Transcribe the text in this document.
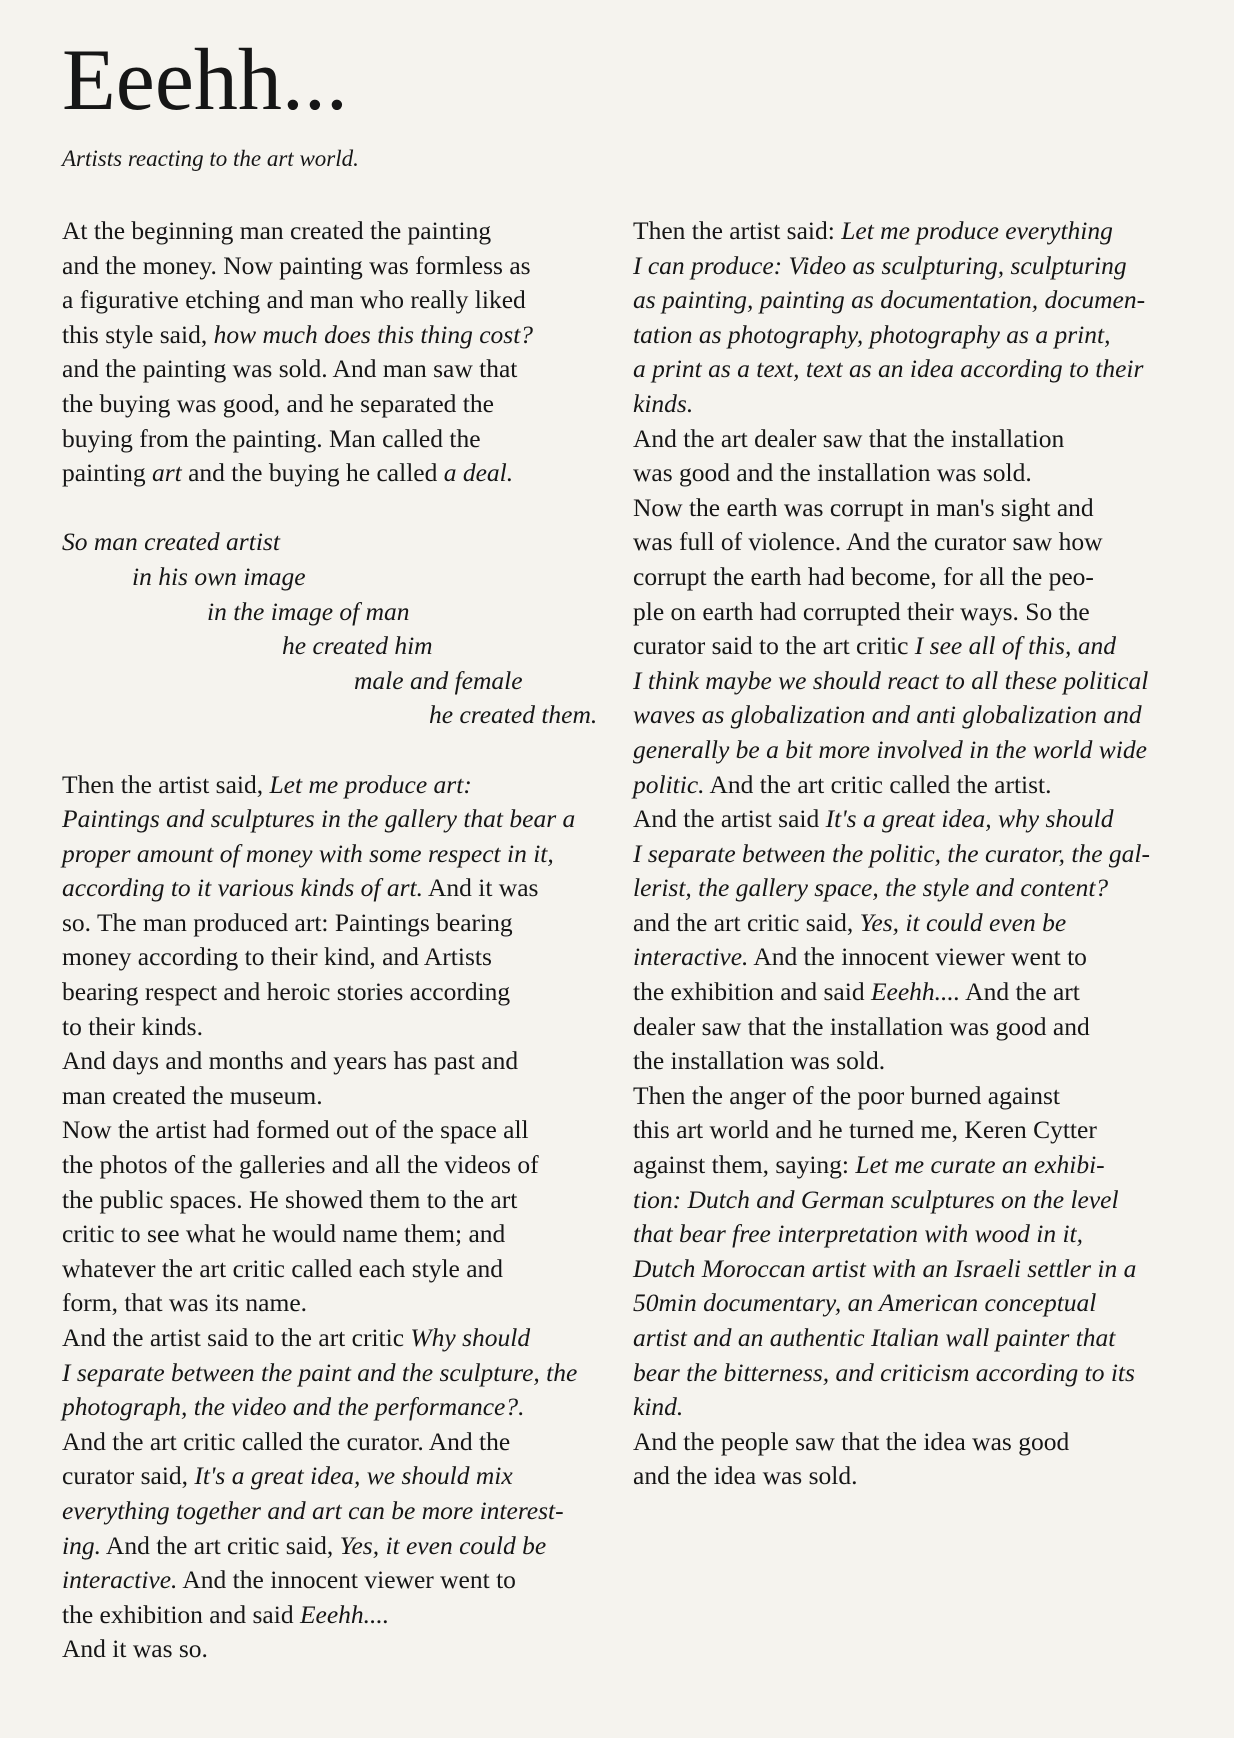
Eeehh...

Artists reacting to the art world.

At the beginning man created the painting
and the money. Now painting was formless as
a figurative etching and man who really liked
this style said, how much does this thing cost?
and the painting was sold. And man saw that
the buying was good, and he separated the
buying from the painting. Man called the
painting art and the buying he called a deal.

So man created artist
in his own image
in the image of man
he created him
male and female
he created them.

Then the artist said, Let me produce art:
Paintings and sculptures in the gallery that bear a
proper amount of money with some respect in it,
according to it various kinds of art. And it was
so. The man produced art: Paintings bearing
money according to their kind, and Artists
bearing respect and heroic stories according
to their kinds.

And days and months and years has past and
man created the museum.

Now the artist had formed out of the space all
the photos of the galleries and all the videos of
the public spaces. He showed them to the art
critic to see what he would name them; and
whatever the art critic called each style and
form, that was its name.

And the artist said to the art critic Why should
I separate between the paint and the sculpture, the
photograph, the video and the performance?.

And the art critic called the curator. And the
curator said, It's a great idea, we should mix
everything together and art can be more interest-
ing. And the art critic said, Yes, it even could be
interactive. And the innocent viewer went to
the exhibition and said Eeehh....

And it was so.

Then the artist said: Let me produce everything
I can produce: Video as sculpturing, sculpturing
as painting, painting as documentation, documen-
tation as photography, photography as a print,
a print as a text, text as an idea according to their
kinds.

And the art dealer saw that the installation
was good and the installation was sold.

Now the earth was corrupt in man's sight and
was full of violence. And the curator saw how
corrupt the earth had become, for all the peo-
ple on earth had corrupted their ways. So the
curator said to the art critic I see all of this, and
I think maybe we should react to all these political
waves as globalization and anti globalization and
generally be a bit more involved in the world wide
politic. And the art critic called the artist.

And the artist said It's a great idea, why should
I separate between the politic, the curator, the gal-
lerist, the gallery space, the style and content?
and the art critic said, Yes, it could even be
interactive. And the innocent viewer went to
the exhibition and said Eeehh.... And the art
dealer saw that the installation was good and
the installation was sold.

Then the anger of the poor burned against
this art world and he turned me, Keren Cytter
against them, saying: Let me curate an exhibi-
tion: Dutch and German sculptures on the level
that bear free interpretation with wood in it,
Dutch Moroccan artist with an Israeli settler in a
50min documentary, an American conceptual
artist and an authentic Italian wall painter that
bear the bitterness, and criticism according to its
kind.

And the people saw that the idea was good
and the idea was sold.
